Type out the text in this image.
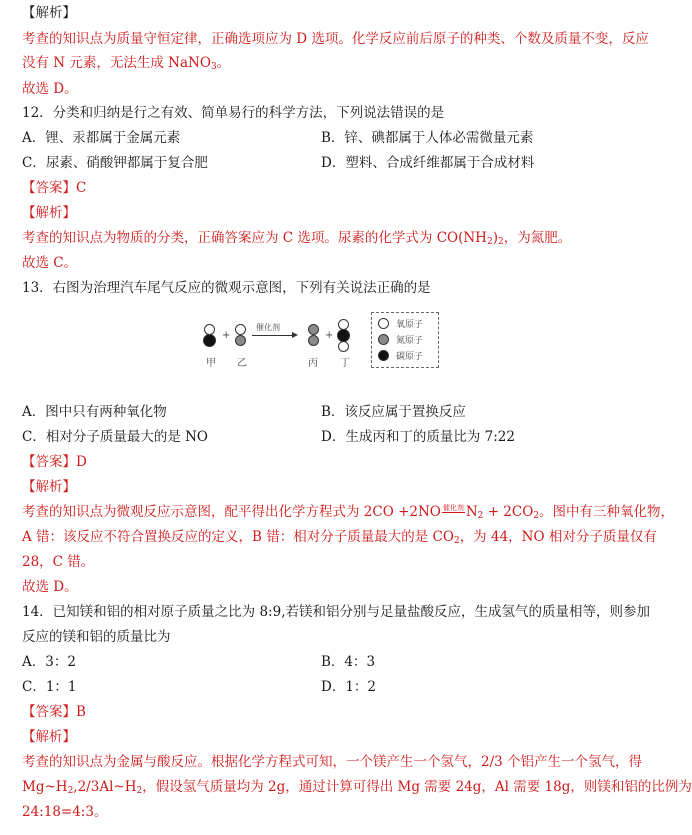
【解析】
考查的知识点为质量守恒定律，正确选项应为 D 选项。化学反应前后原子的种类、个数及质量不变，反应
没有 N 元素，无法生成 NaNO$_3$。
故选 D。
12．分类和归纳是行之有效、简单易行的科学方法，下列说法错误的是
A．锂、汞都属于金属元素	B．锌、碘都属于人体必需微量元素
C．尿素、硝酸钾都属于复合肥	D．塑料、合成纤维都属于合成材料
【答案】C
【解析】
考查的知识点为物质的分类，正确答案应为 C 选项。尿素的化学式为 $CO(NH_2)_2$，为氮肥。
故选 C。
13．右图为治理汽车尾气反应的微观示意图，下列有关说法正确的是
甲
+
乙
催化剂
丙
+
丁
氧原子
氮原子
碳原子
A．图中只有两种氧化物	B．该反应属于置换反应
C．相对分子质量最大的是 NO	D．生成丙和丁的质量比为 7:22
【答案】D
【解析】
考查的知识点为微观反应示意图，配平得出化学方程式为 2CO +2NO 催化剂 $N_2 + 2CO_2$。图中有三种氧化物，
A 错：该反应不符合置换反应的定义，B 错：相对分子质量最大的是 $CO_2$，为 44，NO 相对分子质量仅有
28，C 错。
故选 D。
14．已知镁和铝的相对原子质量之比为 8:9,若镁和铝分别与足量盐酸反应，生成氢气的质量相等，则参加
反应的镁和铝的质量比为
A．3：2	B．4：3
C．1：1	D．1：2
【答案】B
【解析】
考查的知识点为金属与酸反应。根据化学方程式可知，一个镁产生一个氢气，2/3 个铝产生一个氢气，得
$Mg\sim H_2,2/3Al\sim H_2$，假设氢气质量均为 2g，通过计算可得出 Mg 需要 24g，Al 需要 18g，则镁和铝的比例为
24:18=4:3。
